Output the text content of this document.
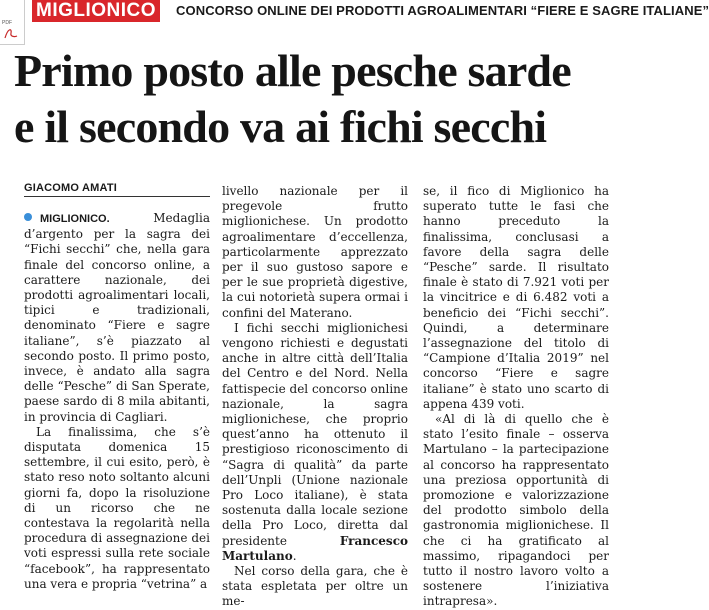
PDF
MIGLIONICO	CONCORSO ONLINE DEI PRODOTTI AGROALIMENTARI “FIERE E SAGRE ITALIANE”
Primo posto alle pesche sarde
e il secondo va ai fichi secchi
GIACOMO AMATI

MIGLIONICO.	Medaglia d’argento per la sagra dei “Fichi secchi” che, nella gara finale del concorso online, a carattere nazionale, dei prodotti agroalimentari locali, tipici e tradizionali, denominato “Fiere e sagre italiane”, s’è piazzato al secondo posto. Il primo posto, invece, è andato alla sagra delle “Pesche” di San Sperate, paese sardo di 8 mila abitanti, in provincia di Cagliari.

La finalissima, che s’è disputata domenica 15 settembre, il cui esito, però, è stato reso noto soltanto alcuni giorni fa, dopo la risoluzione di un ricorso che ne contestava la regolarità nella procedura di assegnazione dei voti espressi sulla rete sociale “facebook”, ha rappresentato una vera e propria “vetrina” a

livello nazionale per il pregevole frutto miglionichese. Un prodotto agroalimentare d’eccellenza, particolarmente apprezzato per il suo gustoso sapore e per le sue proprietà digestive, la cui notorietà supera ormai i confini del Materano.

I fichi secchi miglionichesi vengono richiesti e degustati anche in altre città dell’Italia del Centro e del Nord. Nella fattispecie del concorso online nazionale, la sagra miglionichese, che proprio quest’anno ha ottenuto il prestigioso riconoscimento di “Sagra di qualità” da parte dell’Unpli (Unione nazionale Pro Loco italiane), è stata sostenuta dalla locale sezione della Pro Loco, diretta dal presidente	Francesco Martulano.

Nel corso della gara, che è stata espletata per oltre un me-

se, il fico di Miglionico ha superato tutte le fasi che hanno preceduto la finalissima, conclusasi a favore della sagra delle “Pesche” sarde. Il risultato finale è stato di 7.921 voti per la vincitrice e di 6.482 voti a beneficio dei “Fichi secchi”. Quindi, a determinare l’assegnazione del titolo di “Campione d’Italia 2019” nel concorso “Fiere e sagre italiane” è stato uno scarto di appena 439 voti.

«Al di là di quello che è stato l’esito finale – osserva Martulano – la partecipazione al concorso ha rappresentato una preziosa opportunità di promozione e valorizzazione del prodotto simbolo della gastronomia miglionichese. Il che ci ha gratificato al massimo, ripagandoci per tutto il nostro lavoro volto a sostenere l’iniziativa intrapresa».
